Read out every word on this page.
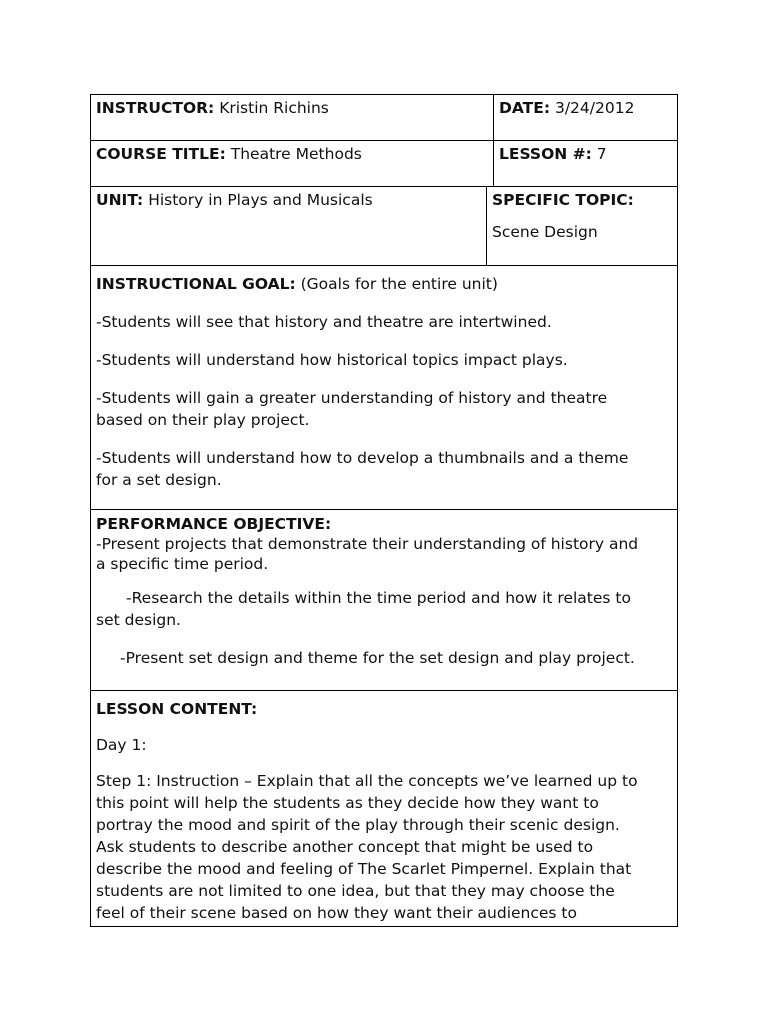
INSTRUCTOR: Kristin Richins	DATE: 3/24/2012
COURSE TITLE: Theatre Methods	LESSON #: 7
UNIT: History in Plays and Musicals	SPECIFIC TOPIC:
Scene Design

INSTRUCTIONAL GOAL: (Goals for the entire unit)

-Students will see that history and theatre are intertwined.

-Students will understand how historical topics impact plays.

-Students will gain a greater understanding of history and theatre

based on their play project.

-Students will understand how to develop a thumbnails and a theme

for a set design.

PERFORMANCE OBJECTIVE:

-Present projects that demonstrate their understanding of history and

a specific time period.

-Research the details within the time period and how it relates to

set design.

-Present set design and theme for the set design and play project.

LESSON CONTENT:

Day 1:

Step 1: Instruction – Explain that all the concepts we’ve learned up to

this point will help the students as they decide how they want to

portray the mood and spirit of the play through their scenic design.

Ask students to describe another concept that might be used to

describe the mood and feeling of The Scarlet Pimpernel. Explain that

students are not limited to one idea, but that they may choose the

feel of their scene based on how they want their audiences to
